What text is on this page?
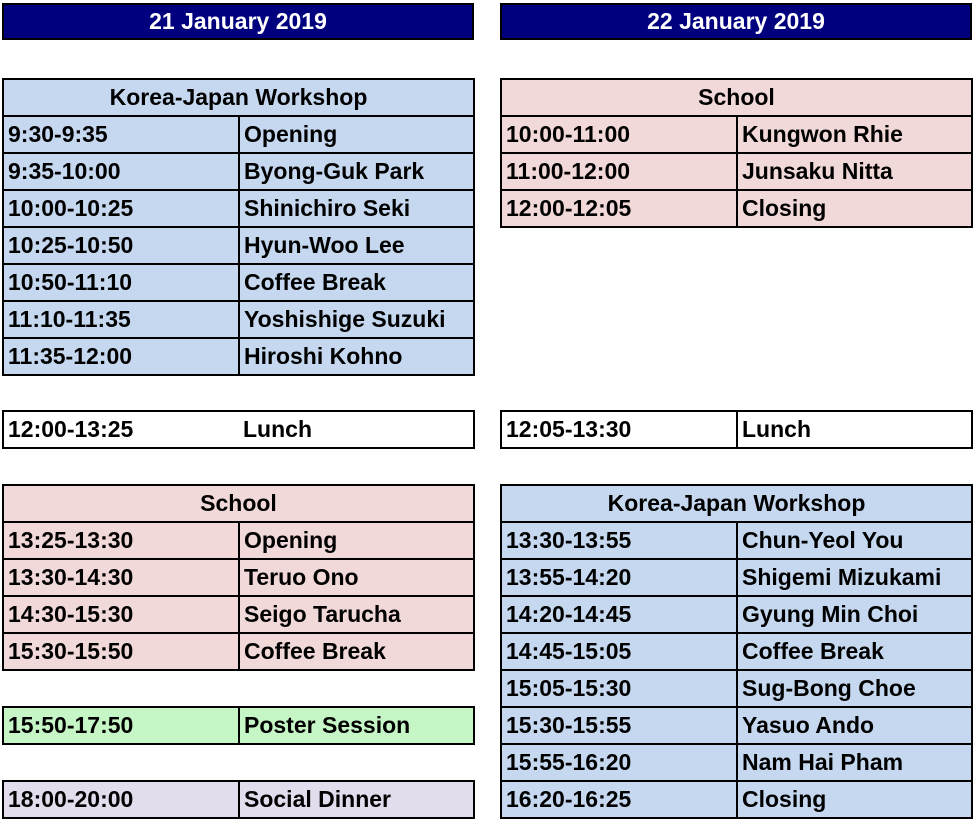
21 January 2019	22 January 2019
Korea-Japan Workshop
9:30-9:35	Opening
9:35-10:00	Byong-Guk Park
10:00-10:25	Shinichiro Seki
10:25-10:50	Hyun-Woo Lee
10:50-11:10	Coffee Break
11:10-11:35	Yoshishige Suzuki
11:35-12:00	Hiroshi Kohno
12:00-13:25	Lunch
School
13:25-13:30	Opening
13:30-14:30	Teruo Ono
14:30-15:30	Seigo Tarucha
15:30-15:50	Coffee Break
15:50-17:50	Poster Session
18:00-20:00	Social Dinner
School
10:00-11:00	Kungwon Rhie
11:00-12:00	Junsaku Nitta
12:00-12:05	Closing
12:05-13:30	Lunch
Korea-Japan Workshop
13:30-13:55	Chun-Yeol You
13:55-14:20	Shigemi Mizukami
14:20-14:45	Gyung Min Choi
14:45-15:05	Coffee Break
15:05-15:30	Sug-Bong Choe
15:30-15:55	Yasuo Ando
15:55-16:20	Nam Hai Pham
16:20-16:25	Closing
